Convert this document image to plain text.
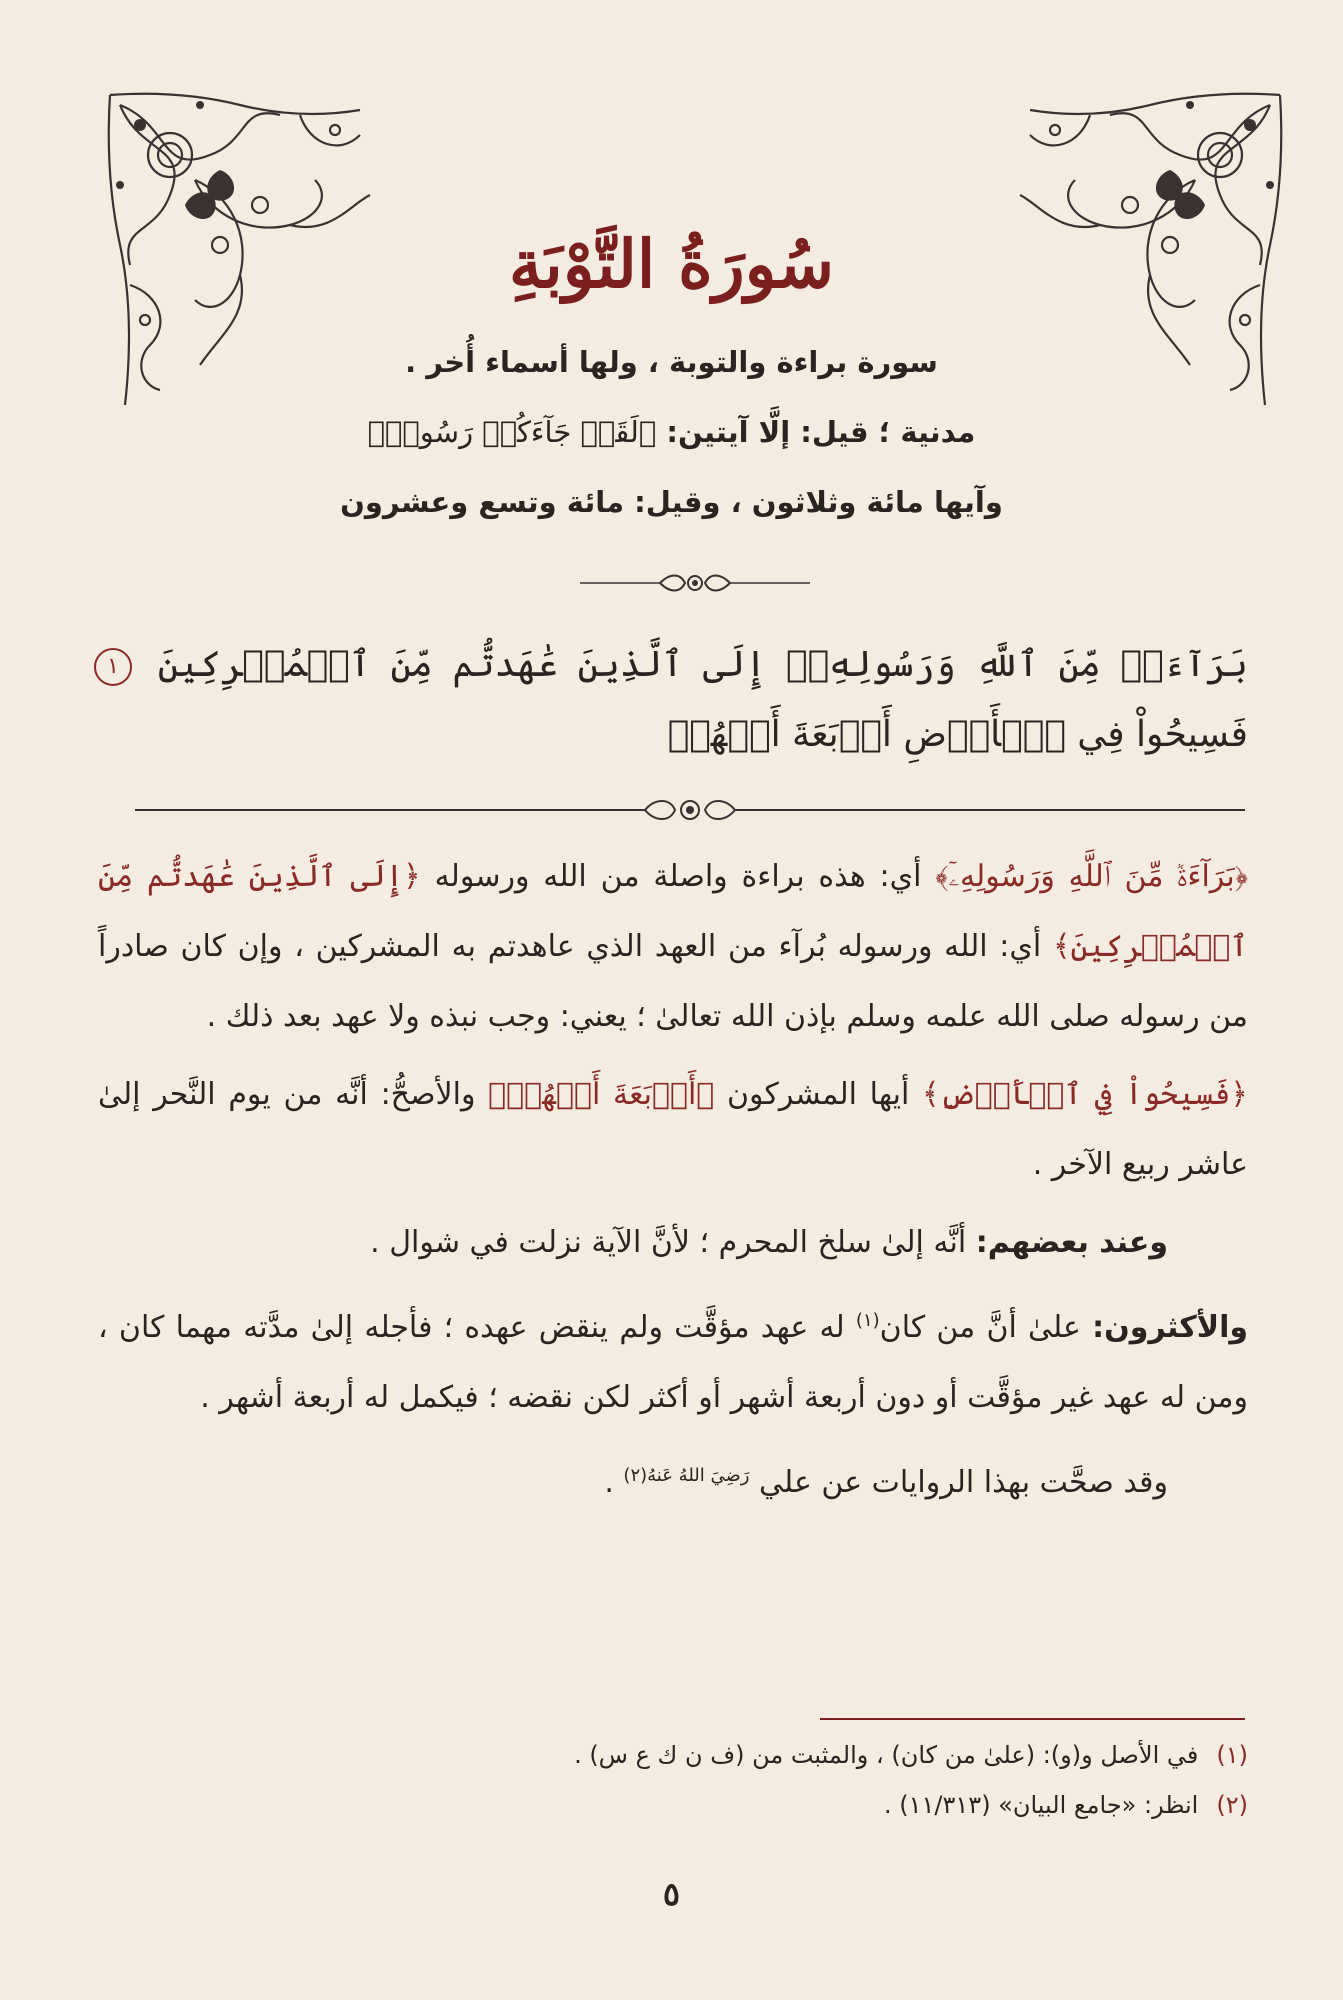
سُورَةُ التَّوْبَةِ
سورة براءة والتوبة ، ولها أسماء أُخر .
مدنية ؛ قيل: إلَّا آيتين: ﴿لَقَدۡ جَآءَكُمۡ رَسُولٞ﴾
وآيها مائة وثلاثون ، وقيل: مائة وتسع وعشرون
بَرَآءَةٞ مِّنَ ٱللَّهِ وَرَسُولِهِۦٓ إِلَى ٱلَّذِينَ عَٰهَدتُّم مِّنَ ٱلۡمُشۡرِكِينَ ١ فَسِيحُواْ فِي ٱلۡأَرۡضِ أَرۡبَعَةَ أَشۡهُرٖ

﴿بَرَآءَةٞ مِّنَ ٱللَّهِ وَرَسُولِهِۦٓ﴾ أي: هذه براءة واصلة من الله ورسوله ﴿إِلَى ٱلَّذِينَ عَٰهَدتُّم مِّنَ ٱلۡمُشۡرِكِينَ﴾ أي: الله ورسوله بُرآء من العهد الذي عاهدتم به المشركين ، وإن كان صادراً من رسوله صلى الله علمه وسلم بإذن الله تعالىٰ ؛ يعني: وجب نبذه ولا عهد بعد ذلك .

﴿فَسِيحُواْ فِي ٱلۡأَرۡضِ﴾ أيها المشركون ﴿أَرۡبَعَةَ أَشۡهُرٖ﴾ والأصحُّ: أنَّه من يوم النَّحر إلىٰ عاشر ربيع الآخر .

وعند بعضهم: أنَّه إلىٰ سلخ المحرم ؛ لأنَّ الآية نزلت في شوال .

والأكثرون: علىٰ أنَّ من كان$^{(١)}$ له عهد مؤقَّت ولم ينقض عهده ؛ فأجله إلىٰ مدَّته مهما كان ، ومن له عهد غير مؤقَّت أو دون أربعة أشهر أو أكثر لكن نقضه ؛ فيكمل له أربعة أشهر .

وقد صحَّت بهذا الروايات عن علي $^{رَضِيَ اللهُ عَنهُ(٢)}$ .

(١)في الأصل و(و): (علىٰ من كان) ، والمثبت من (ف ن ك ع س) .
(٢)انظر: «جامع البيان» (١١/٣١٣) .
٥
